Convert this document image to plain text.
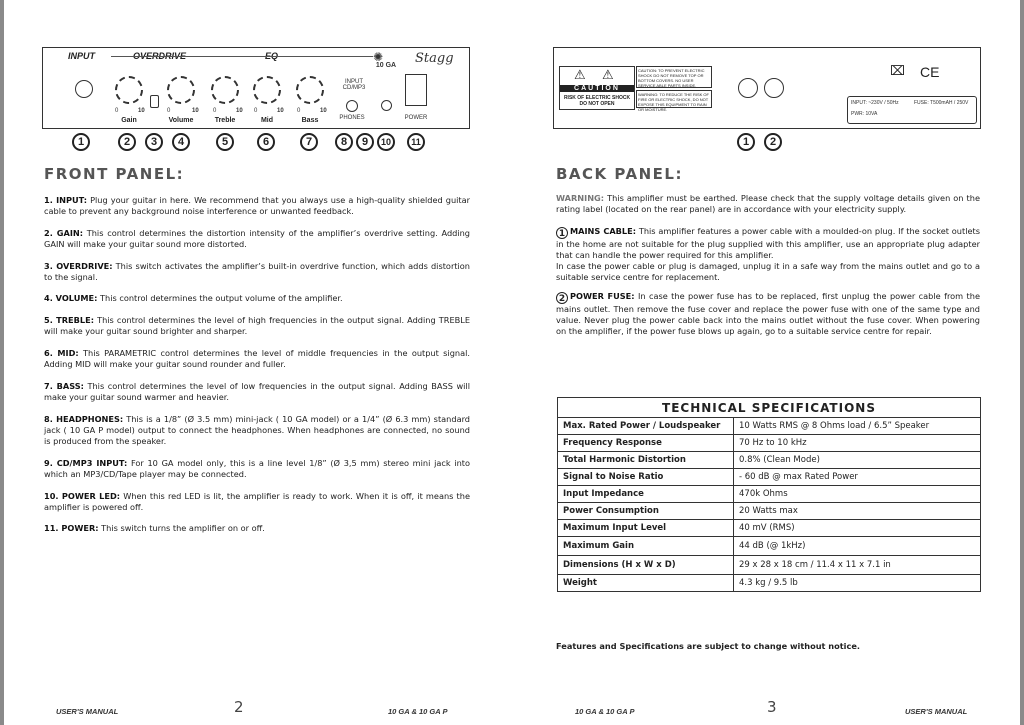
INPUT	OVERDRIVE	EQ	Stagg
✺
10 GA
0	10	0	10 0	10 0	10 0	10
Gain	Volume	Treble	Mid	Bass
INPUT
CD/MP3
PHONES	POWER
1	2	3	4	5	6	7	8	9	10	11
FRONT PANEL:
1. INPUT: Plug your guitar in here. We recommend that you always use a high-quality shielded guitar cable to prevent any background noise interference or unwanted feedback.
2. GAIN: This control determines the distortion intensity of the amplifier’s overdrive setting. Adding GAIN will make your guitar sound more distorted.
3. OVERDRIVE: This switch activates the amplifier’s built-in overdrive function, which adds distortion to the signal.
4. VOLUME: This control determines the output volume of the amplifier.
5. TREBLE: This control determines the level of high frequencies in the output signal. Adding TREBLE will make your guitar sound brighter and sharper.
6. MID: This PARAMETRIC control determines the level of middle frequencies in the output signal. Adding MID will make your guitar sound rounder and fuller.
7. BASS: This control determines the level of low frequencies in the output signal. Adding BASS will make your guitar sound warmer and heavier.
8. HEADPHONES: This is a 1/8” (Ø 3.5 mm) mini-jack ( 10 GA model) or a 1/4” (Ø 6.3 mm) standard jack ( 10 GA P model) output to connect the headphones. When headphones are connected, no sound is produced from the speaker.
9. CD/MP3 INPUT: For 10 GA model only, this is a line level 1/8” (Ø 3,5 mm) stereo mini jack into which an MP3/CD/Tape player may be connected.
10. POWER LED: When this red LED is lit, the amplifier is ready to work. When it is off, it means the amplifier is powered off.
11. POWER: This switch turns the amplifier on or off.
⚠ ⚠
CAUTION
RISK OF ELECTRIC SHOCK
DO NOT OPEN
CAUTION: TO PREVENT ELECTRIC SHOCK DO NOT REMOVE TOP OR BOTTOM COVERS. NO USER SERVICE ABLE PARTS INSIDE.
WARNING: TO REDUCE THE RISK OF FIRE OR ELECTRIC SHOCK, DO NOT EXPOSE THIS EQUIPMENT TO RAIN OR MOISTURE.
⌧ CE
INPUT: ~230V / 50Hz	FUSE: T500mAH / 250V
PWR: 10VA
1	2
BACK PANEL:
WARNING: This amplifier must be earthed. Please check that the supply voltage details given on the rating label (located on the rear panel) are in accordance with your electricity supply.
1 MAINS CABLE: This amplifier features a power cable with a moulded-on plug. If the socket outlets in the home are not suitable for the plug supplied with this amplifier, use an appropriate plug adapter that can handle the power required for this amplifier.
In case the power cable or plug is damaged, unplug it in a safe way from the mains outlet and go to a suitable service centre for replacement.
2 POWER FUSE: In case the power fuse has to be replaced, first unplug the power cable from the mains outlet. Then remove the fuse cover and replace the power fuse with one of the same type and value. Never plug the power cable back into the mains outlet without the fuse cover. When powering on the amplifier, if the power fuse blows up again, go to a suitable service centre for repair.
TECHNICAL SPECIFICATIONS	
Max. Rated Power / Loudspeaker	10 Watts RMS @ 8 Ohms load / 6.5” Speaker
Frequency Response	70 Hz to 10 kHz
Total Harmonic Distortion	0.8% (Clean Mode)
Signal to Noise Ratio	- 60 dB @ max Rated Power
Input Impedance	470k Ohms
Power Consumption	20 Watts max
Maximum Input Level	40 mV (RMS)
Maximum Gain	44 dB (@ 1kHz)
Dimensions (H x W x D)	29 x 28 x 18 cm / 11.4 x 11 x 7.1 in
Weight	4.3 kg / 9.5 lb
Features and Specifications are subject to change without notice.
USER'S MANUAL	2	10 GA & 10 GA P	10 GA & 10 GA P	3	USER'S MANUAL
